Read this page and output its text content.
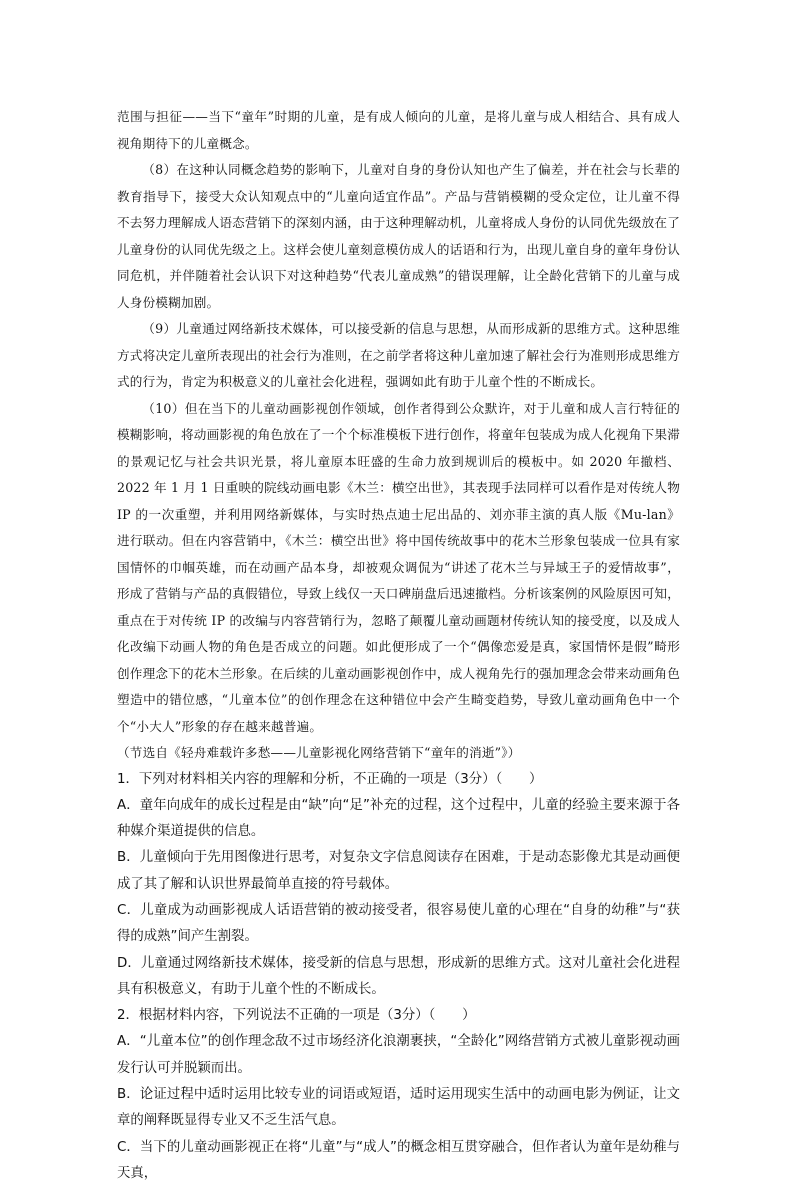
范围与担征——当下“童年”时期的儿童，是有成人倾向的儿童，是将儿童与成人相结合、具有成人视角期待下的儿童概念。

（8）在这种认同概念趋势的影响下，儿童对自身的身份认知也产生了偏差，并在社会与长辈的教育指导下，接受大众认知观点中的“儿童向适宜作品”。产品与营销模糊的受众定位，让儿童不得不去努力理解成人语态营销下的深刻内涵，由于这种理解动机，儿童将成人身份的认同优先级放在了儿童身份的认同优先级之上。这样会使儿童刻意模仿成人的话语和行为，出现儿童自身的童年身份认同危机，并伴随着社会认识下对这种趋势“代表儿童成熟”的错误理解，让全龄化营销下的儿童与成人身份模糊加剧。

（9）儿童通过网络新技术媒体，可以接受新的信息与思想，从而形成新的思维方式。这种思维方式将决定儿童所表现出的社会行为准则，在之前学者将这种儿童加速了解社会行为准则形成思维方式的行为，肯定为积极意义的儿童社会化进程，强调如此有助于儿童个性的不断成长。

（10）但在当下的儿童动画影视创作领域，创作者得到公众默许，对于儿童和成人言行特征的模糊影响，将动画影视的角色放在了一个个标准模板下进行创作，将童年包装成为成人化视角下果滞的景观记忆与社会共识光景，将儿童原本旺盛的生命力放到规训后的模板中。如 2020 年撤档、2022 年 1 月 1 日重映的院线动画电影《木兰：横空出世》，其表现手法同样可以看作是对传统人物 IP 的一次重塑，并利用网络新媒体，与实时热点迪士尼出品的、刘亦菲主演的真人版《Mu-lan》进行联动。但在内容营销中，《木兰：横空出世》将中国传统故事中的花木兰形象包装成一位具有家国情怀的巾帼英雄，而在动画产品本身，却被观众调侃为“讲述了花木兰与异域王子的爱情故事”，形成了营销与产品的真假错位，导致上线仅一天口碑崩盘后迅速撤档。分析该案例的风险原因可知，重点在于对传统 IP 的改编与内容营销行为，忽略了颠覆儿童动画题材传统认知的接受度，以及成人化改编下动画人物的角色是否成立的问题。如此便形成了一个“偶像恋爱是真，家国情怀是假”畸形创作理念下的花木兰形象。在后续的儿童动画影视创作中，成人视角先行的强加理念会带来动画角色塑造中的错位感，“儿童本位”的创作理念在这种错位中会产生畸变趋势，导致儿童动画角色中一个个“小大人”形象的存在越来越普遍。

（节选自《轻舟难载许多愁——儿童影视化网络营销下“童年的消逝”》）

1．下列对材料相关内容的理解和分析，不正确的一项是（3分）（　　）

A．童年向成年的成长过程是由“缺”向“足”补充的过程，这个过程中，儿童的经验主要来源于各种媒介渠道提供的信息。

B．儿童倾向于先用图像进行思考，对复杂文字信息阅读存在困难，于是动态影像尤其是动画便成了其了解和认识世界最简单直接的符号载体。

C．儿童成为动画影视成人话语营销的被动接受者，很容易使儿童的心理在“自身的幼稚”与“获得的成熟”间产生割裂。

D．儿童通过网络新技术媒体，接受新的信息与思想，形成新的思维方式。这对儿童社会化进程具有积极意义，有助于儿童个性的不断成长。

2．根据材料内容，下列说法不正确的一项是（3分）（　　）

A．“儿童本位”的创作理念敌不过市场经济化浪潮裹挟，“全龄化”网络营销方式被儿童影视动画发行认可并脱颖而出。

B．论证过程中适时运用比较专业的词语或短语，适时运用现实生活中的动画电影为例证，让文章的阐释既显得专业又不乏生活气息。

C．当下的儿童动画影视正在将“儿童”与“成人”的概念相互贯穿融合，但作者认为童年是幼稚与天真，
